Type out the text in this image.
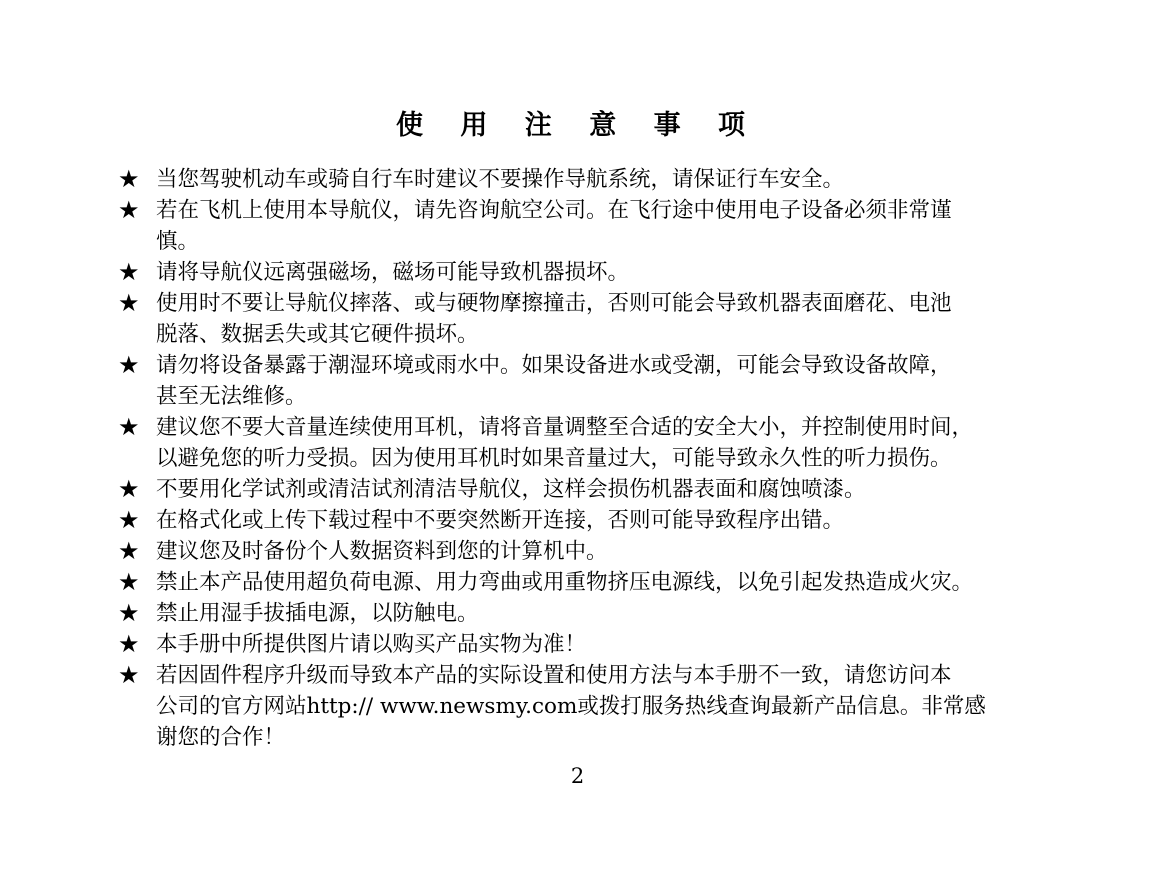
使 用 注 意 事 项
★ 当您驾驶机动车或骑自行车时建议不要操作导航系统，请保证行车安全。
★ 若在飞机上使用本导航仪，请先咨询航空公司。在飞行途中使用电子设备必须非常谨
慎。
★ 请将导航仪远离强磁场，磁场可能导致机器损坏。
★ 使用时不要让导航仪摔落、或与硬物摩擦撞击，否则可能会导致机器表面磨花、电池
脱落、数据丢失或其它硬件损坏。
★ 请勿将设备暴露于潮湿环境或雨水中。如果设备进水或受潮，可能会导致设备故障，
甚至无法维修。
★ 建议您不要大音量连续使用耳机，请将音量调整至合适的安全大小，并控制使用时间，
以避免您的听力受损。因为使用耳机时如果音量过大，可能导致永久性的听力损伤。
★ 不要用化学试剂或清洁试剂清洁导航仪，这样会损伤机器表面和腐蚀喷漆。
★ 在格式化或上传下载过程中不要突然断开连接，否则可能导致程序出错。
★ 建议您及时备份个人数据资料到您的计算机中。
★ 禁止本产品使用超负荷电源、用力弯曲或用重物挤压电源线，以免引起发热造成火灾。
★ 禁止用湿手拔插电源，以防触电。
★ 本手册中所提供图片请以购买产品实物为准！
★ 若因固件程序升级而导致本产品的实际设置和使用方法与本手册不一致，请您访问本
公司的官方网站http:// www.newsmy.com或拨打服务热线查询最新产品信息。非常感
谢您的合作！

2
